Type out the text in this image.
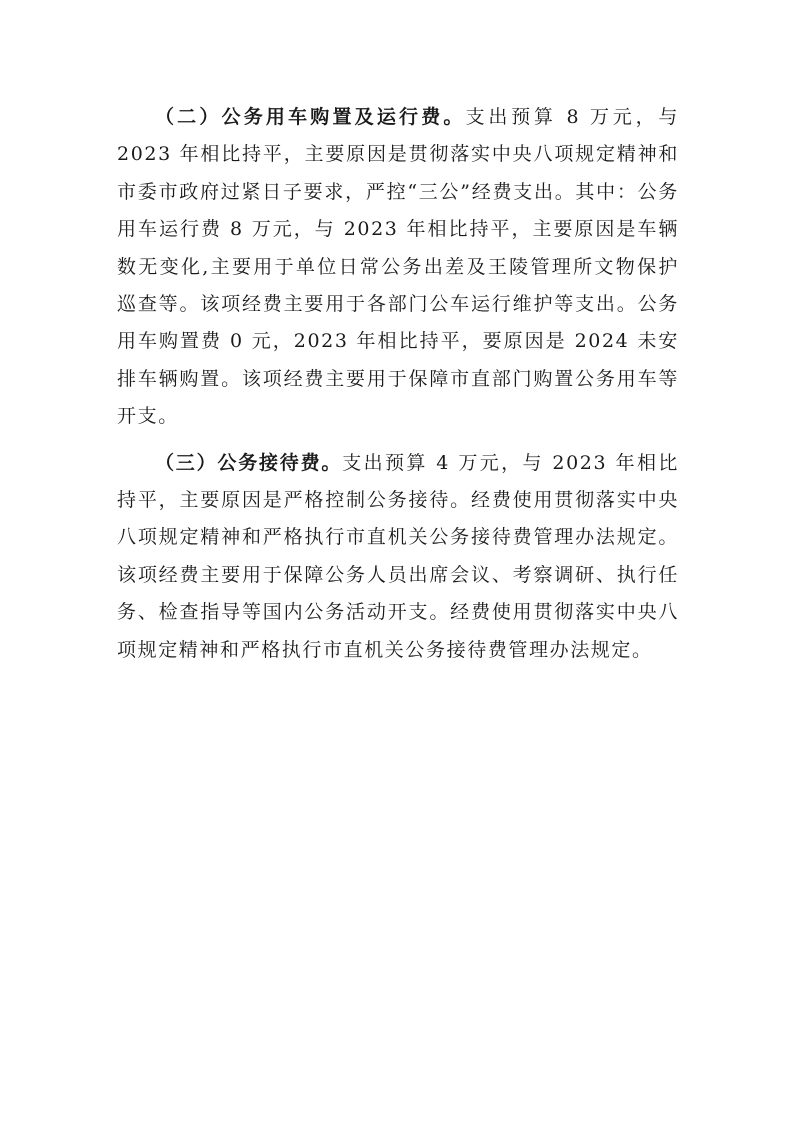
（二）公务用车购置及运行费。支出预算 8 万元，与 2023 年相比持平，主要原因是贯彻落实中央八项规定精神和市委市政府过紧日子要求，严控“三公”经费支出。其中：公务用车运行费 8 万元，与 2023 年相比持平，主要原因是车辆数无变化,主要用于单位日常公务出差及王陵管理所文物保护巡查等。该项经费主要用于各部门公车运行维护等支出。公务用车购置费 0 元，2023 年相比持平，要原因是 2024 未安排车辆购置。该项经费主要用于保障市直部门购置公务用车等开支。

（三）公务接待费。支出预算 4 万元，与 2023 年相比持平，主要原因是严格控制公务接待。经费使用贯彻落实中央八项规定精神和严格执行市直机关公务接待费管理办法规定。该项经费主要用于保障公务人员出席会议、考察调研、执行任务、检查指导等国内公务活动开支。经费使用贯彻落实中央八项规定精神和严格执行市直机关公务接待费管理办法规定。
